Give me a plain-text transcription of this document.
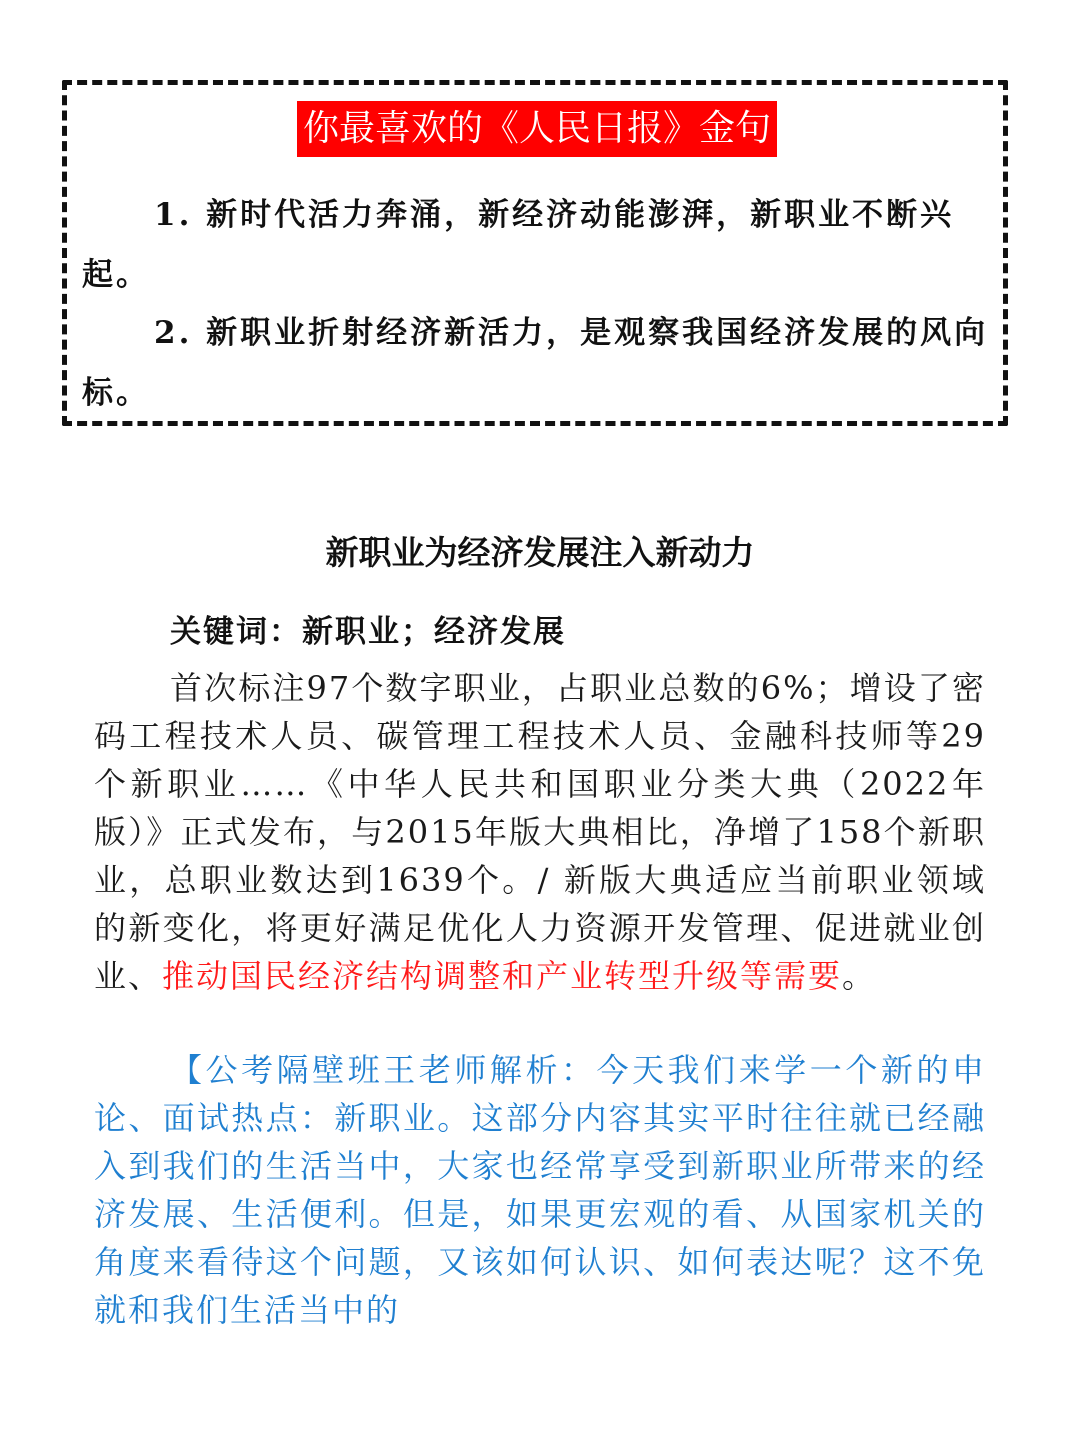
你最喜欢的《人民日报》金句

1. 新时代活力奔涌，新经济动能澎湃，新职业不断兴起。

2. 新职业折射经济新活力，是观察我国经济发展的风向标。

新职业为经济发展注入新动力

关键词：新职业；经济发展

首次标注97个数字职业，占职业总数的6%；增设了密码工程技术人员、碳管理工程技术人员、金融科技师等29个新职业……《中华人民共和国职业分类大典（2022年版）》正式发布，与2015年版大典相比，净增了158个新职业，总职业数达到1639个。/ 新版大典适应当前职业领域的新变化，将更好满足优化人力资源开发管理、促进就业创业、推动国民经济结构调整和产业转型升级等需要。

【公考隔壁班王老师解析：今天我们来学一个新的申论、面试热点：新职业。这部分内容其实平时往往就已经融入到我们的生活当中，大家也经常享受到新职业所带来的经济发展、生活便利。但是，如果更宏观的看、从国家机关的角度来看待这个问题，又该如何认识、如何表达呢？这不免就和我们生活当中的
